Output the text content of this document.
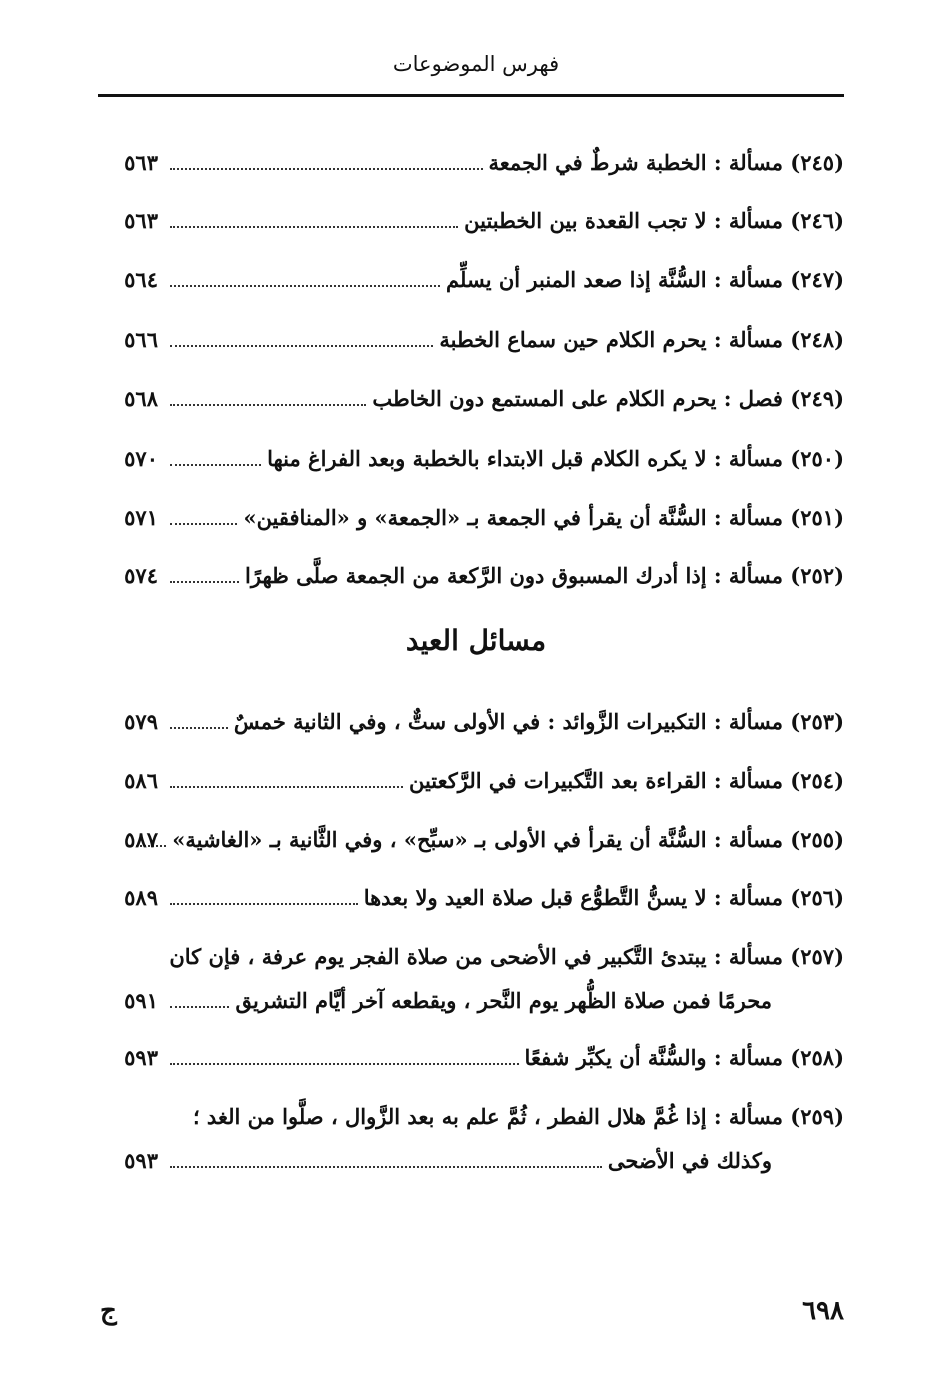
فهرس الموضوعات
(٢٤٥) مسألة : الخطبة شرطٌ في الجمعة
٥٦٣
(٢٤٦) مسألة : لا تجب القعدة بين الخطبتين
٥٦٣
(٢٤٧) مسألة : السُّنَّة إذا صعد المنبر أن يسلِّم
٥٦٤
(٢٤٨) مسألة : يحرم الكلام حين سماع الخطبة
٥٦٦
(٢٤٩) فصل : يحرم الكلام على المستمع دون الخاطب
٥٦٨
(٢٥٠) مسألة : لا يكره الكلام قبل الابتداء بالخطبة وبعد الفراغ منها
٥٧٠
(٢٥١) مسألة : السُّنَّة أن يقرأ في الجمعة بـ «الجمعة» و «المنافقين»
٥٧١
(٢٥٢) مسألة : إذا أدرك المسبوق دون الرَّكعة من الجمعة صلَّى ظهرًا
٥٧٤
مسائل العيد
(٢٥٣) مسألة : التكبيرات الزَّوائد : في الأولى ستٌّ ، وفي الثانية خمسٌ
٥٧٩
(٢٥٤) مسألة : القراءة بعد التَّكبيرات في الرَّكعتين
٥٨٦
(٢٥٥) مسألة : السُّنَّة أن يقرأ في الأولى بـ «سبِّح» ، وفي الثَّانية بـ «الغاشية»
٥٨٧
(٢٥٦) مسألة : لا يسنُّ التَّطوُّع قبل صلاة العيد ولا بعدها
٥٨٩
(٢٥٧) مسألة : يبتدئ التَّكبير في الأضحى من صلاة الفجر يوم عرفة ، فإن كان
محرمًا فمن صلاة الظُّهر يوم النَّحر ، ويقطعه آخر أيَّام التشريق
٥٩١
(٢٥٨) مسألة : والسُّنَّة أن يكبِّر شفعًا
٥٩٣
(٢٥٩) مسألة : إذا غُمَّ هلال الفطر ، ثُمَّ علم به بعد الزَّوال ، صلَّوا من الغد ؛
وكذلك في الأضحى
٥٩٣
ج	٦٩٨
